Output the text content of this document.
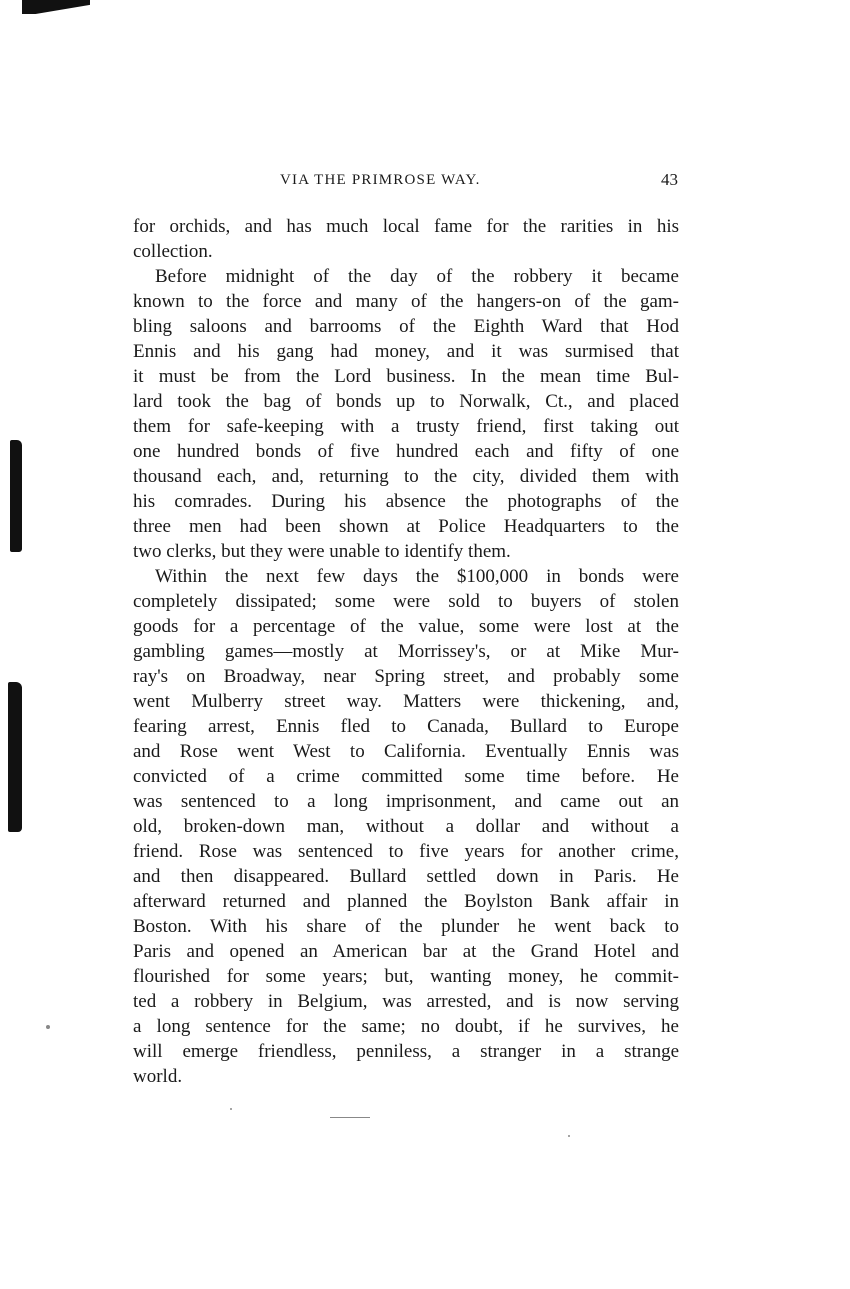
VIA THE PRIMROSE WAY.	43
for orchids, and has much local fame for the rarities in his
collection.
Before midnight of the day of the robbery it became
known to the force and many of the hangers-on of the gam-
bling saloons and barrooms of the Eighth Ward that Hod
Ennis and his gang had money, and it was surmised that
it must be from the Lord business. In the mean time Bul-
lard took the bag of bonds up to Norwalk, Ct., and placed
them for safe-keeping with a trusty friend, first taking out
one hundred bonds of five hundred each and fifty of one
thousand each, and, returning to the city, divided them with
his comrades. During his absence the photographs of the
three men had been shown at Police Headquarters to the
two clerks, but they were unable to identify them.
Within the next few days the $100,000 in bonds were
completely dissipated; some were sold to buyers of stolen
goods for a percentage of the value, some were lost at the
gambling games—mostly at Morrissey's, or at Mike Mur-
ray's on Broadway, near Spring street, and probably some
went Mulberry street way. Matters were thickening, and,
fearing arrest, Ennis fled to Canada, Bullard to Europe
and Rose went West to California. Eventually Ennis was
convicted of a crime committed some time before. He
was sentenced to a long imprisonment, and came out an
old, broken-down man, without a dollar and without a
friend. Rose was sentenced to five years for another crime,
and then disappeared. Bullard settled down in Paris. He
afterward returned and planned the Boylston Bank affair in
Boston. With his share of the plunder he went back to
Paris and opened an American bar at the Grand Hotel and
flourished for some years; but, wanting money, he commit-
ted a robbery in Belgium, was arrested, and is now serving
a long sentence for the same; no doubt, if he survives, he
will emerge friendless, penniless, a stranger in a strange
world.
